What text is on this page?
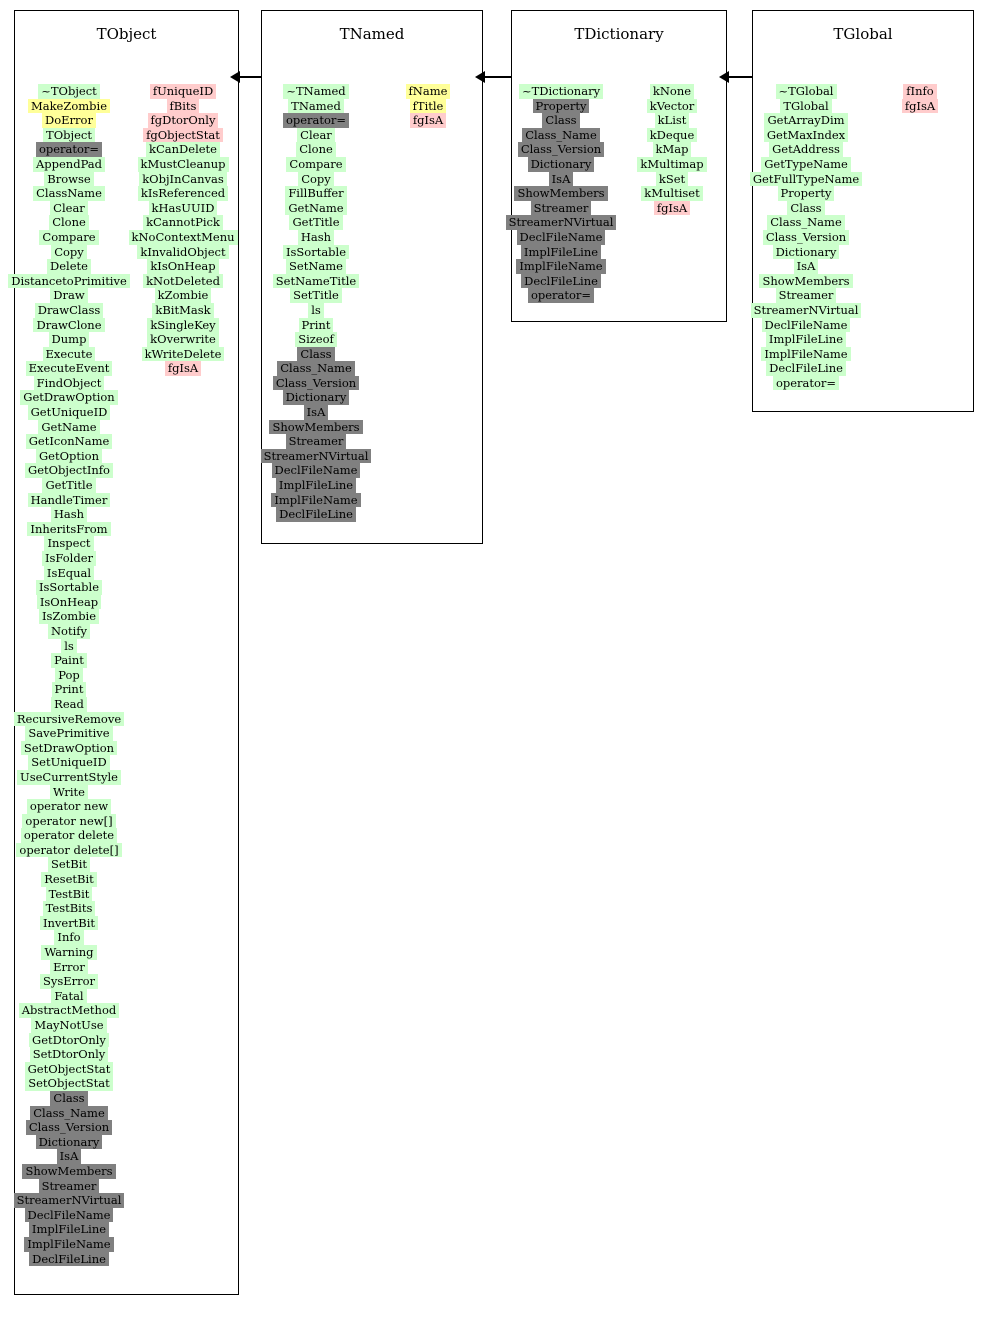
TObject
~TObject
MakeZombie
DoError
TObject
operator=
AppendPad
Browse
ClassName
Clear
Clone
Compare
Copy
Delete
DistancetoPrimitive
Draw
DrawClass
DrawClone
Dump
Execute
ExecuteEvent
FindObject
GetDrawOption
GetUniqueID
GetName
GetIconName
GetOption
GetObjectInfo
GetTitle
HandleTimer
Hash
InheritsFrom
Inspect
IsFolder
IsEqual
IsSortable
IsOnHeap
IsZombie
Notify
ls
Paint
Pop
Print
Read
RecursiveRemove
SavePrimitive
SetDrawOption
SetUniqueID
UseCurrentStyle
Write
operator new
operator new[]
operator delete
operator delete[]
SetBit
ResetBit
TestBit
TestBits
InvertBit
Info
Warning
Error
SysError
Fatal
AbstractMethod
MayNotUse
GetDtorOnly
SetDtorOnly
GetObjectStat
SetObjectStat
Class
Class_Name
Class_Version
Dictionary
IsA
ShowMembers
Streamer
StreamerNVirtual
DeclFileName
ImplFileLine
ImplFileName
DeclFileLine
fUniqueID
fBits
fgDtorOnly
fgObjectStat
kCanDelete
kMustCleanup
kObjInCanvas
kIsReferenced
kHasUUID
kCannotPick
kNoContextMenu
kInvalidObject
kIsOnHeap
kNotDeleted
kZombie
kBitMask
kSingleKey
kOverwrite
kWriteDelete
fgIsA
TNamed
~TNamed
TNamed
operator=
Clear
Clone
Compare
Copy
FillBuffer
GetName
GetTitle
Hash
IsSortable
SetName
SetNameTitle
SetTitle
ls
Print
Sizeof
Class
Class_Name
Class_Version
Dictionary
IsA
ShowMembers
Streamer
StreamerNVirtual
DeclFileName
ImplFileLine
ImplFileName
DeclFileLine
fName
fTitle
fgIsA
TDictionary
~TDictionary
Property
Class
Class_Name
Class_Version
Dictionary
IsA
ShowMembers
Streamer
StreamerNVirtual
DeclFileName
ImplFileLine
ImplFileName
DeclFileLine
operator=
kNone
kVector
kList
kDeque
kMap
kMultimap
kSet
kMultiset
fgIsA
TGlobal
~TGlobal
TGlobal
GetArrayDim
GetMaxIndex
GetAddress
GetTypeName
GetFullTypeName
Property
Class
Class_Name
Class_Version
Dictionary
IsA
ShowMembers
Streamer
StreamerNVirtual
DeclFileName
ImplFileLine
ImplFileName
DeclFileLine
operator=
fInfo
fgIsA
